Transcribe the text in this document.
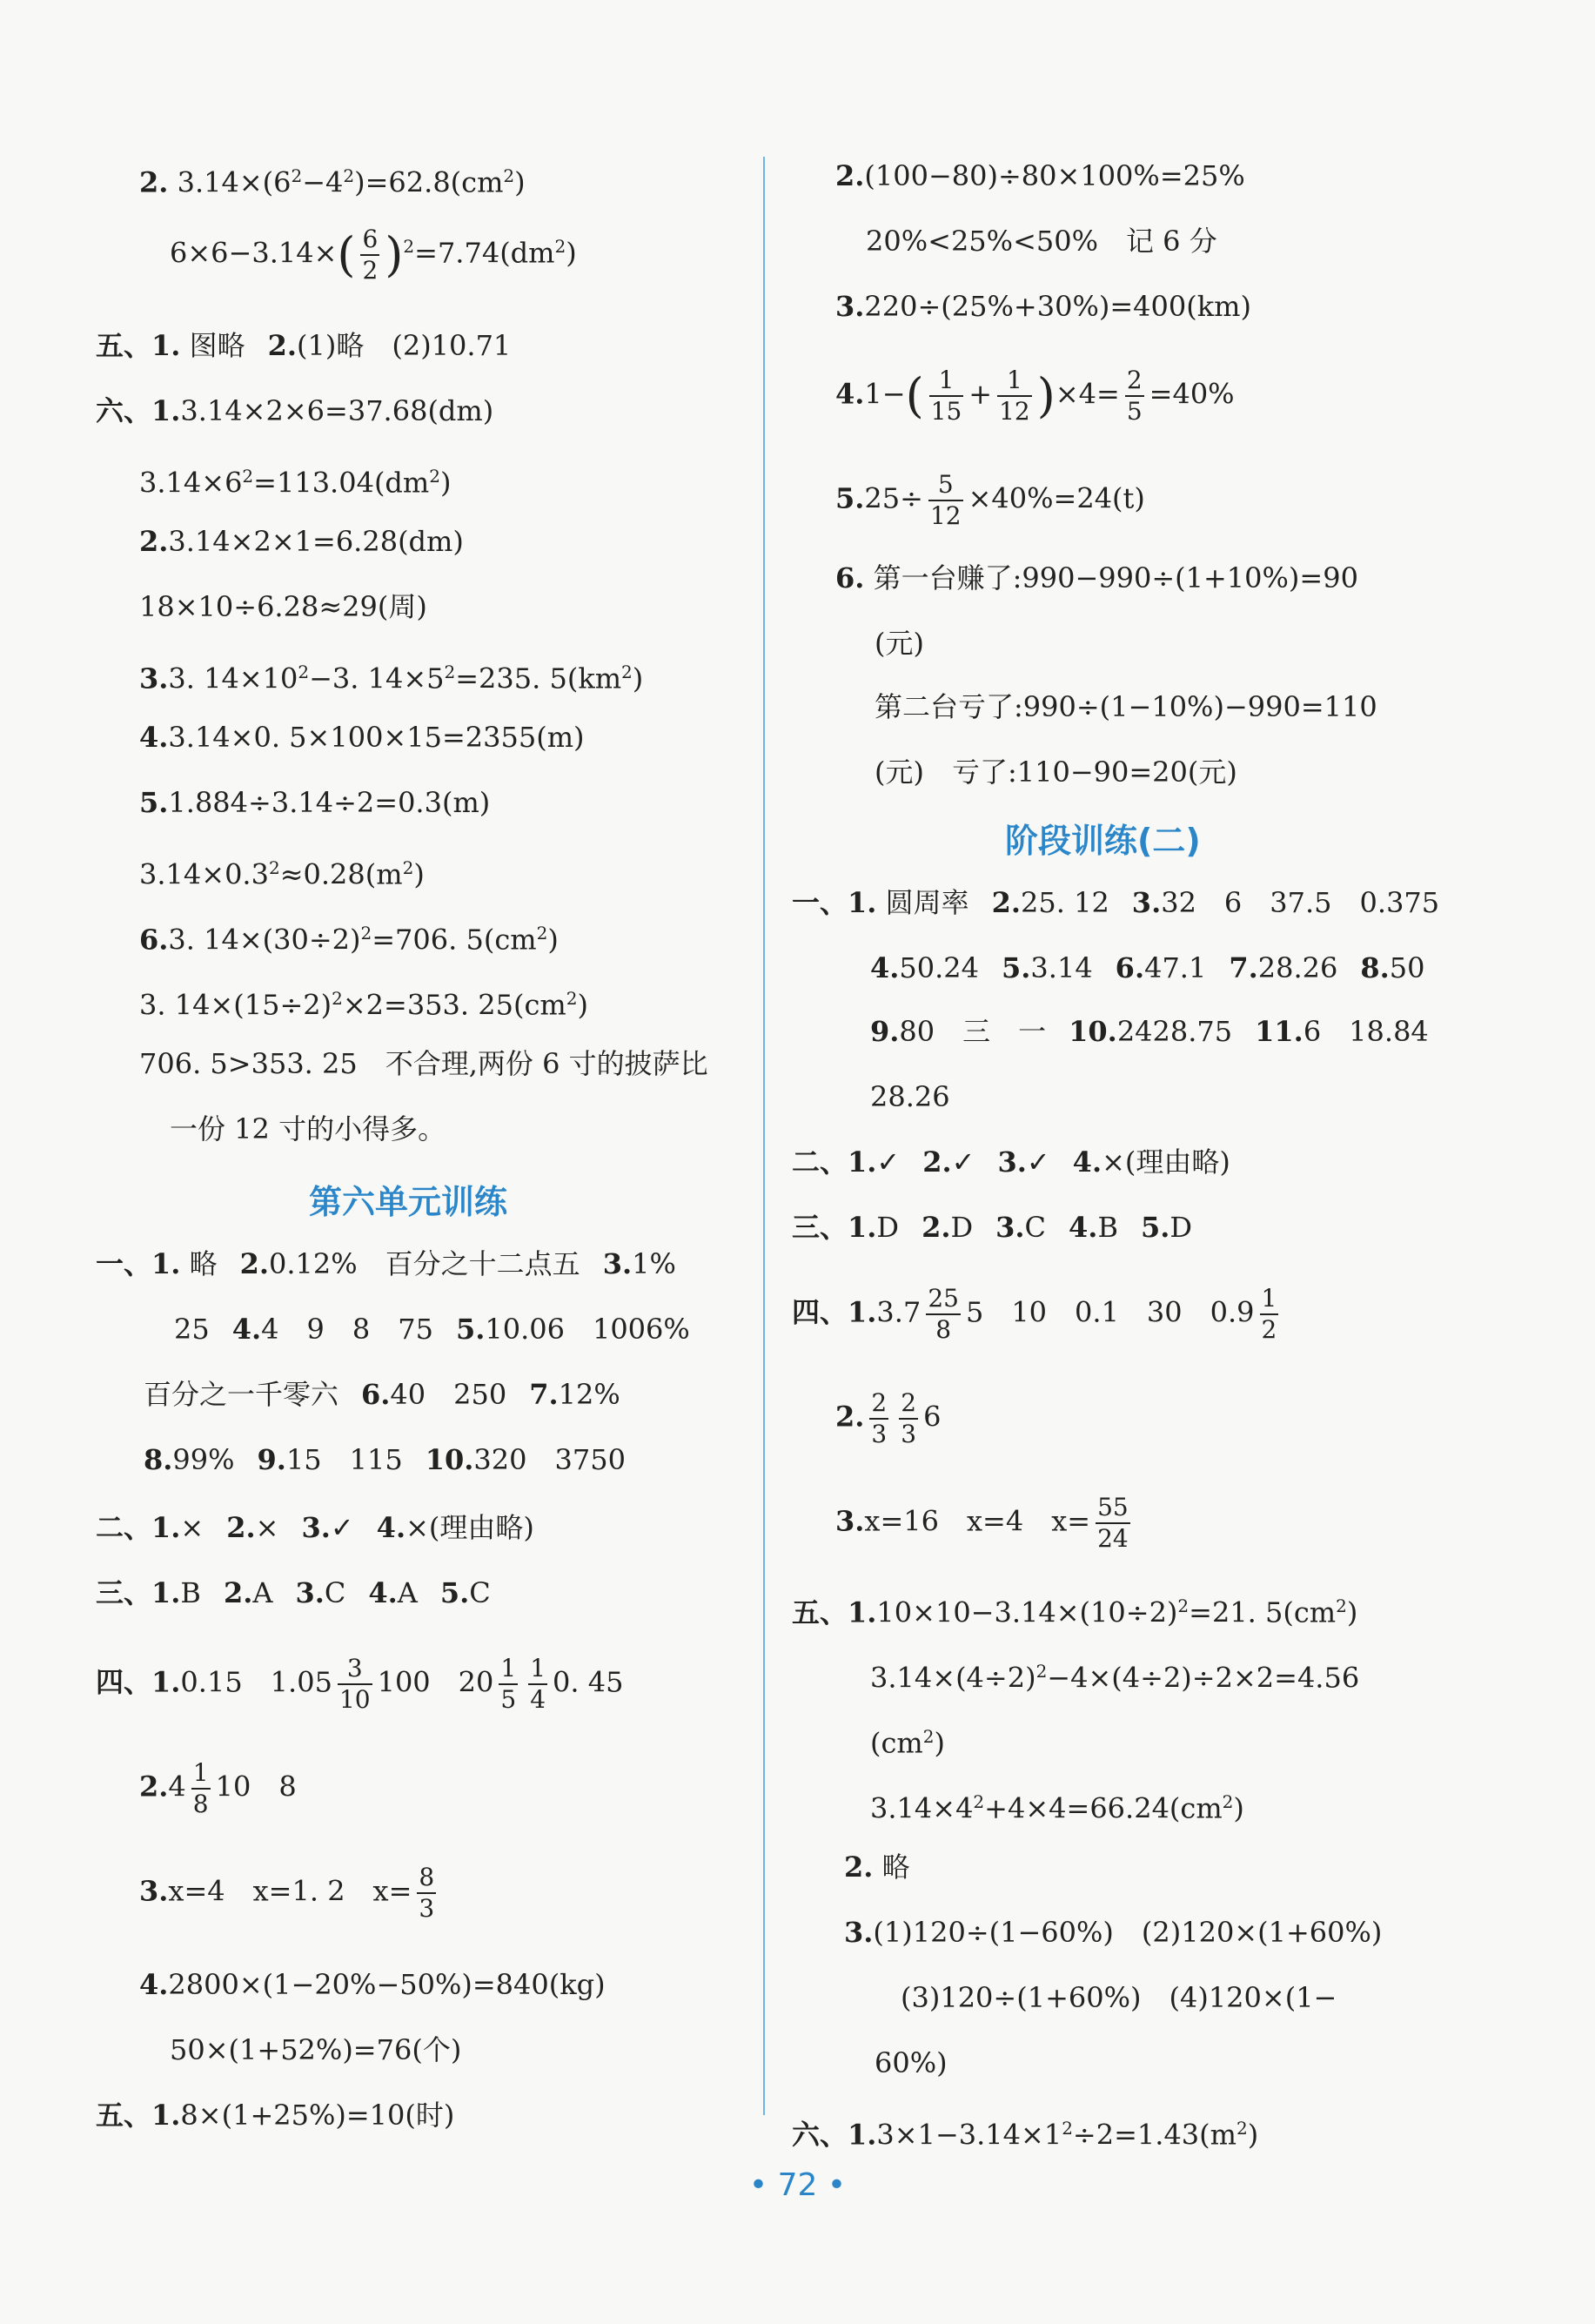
2. $3.14\times(6^2-4^2)=62.8(cm^2)$
$6\times 6-3.14\times( \frac{6}{2} )^2=7.74(dm^2)$
五、1. 图略 2.(1)略　(2)10.71
六、1.3.14×2×6=37.68(dm)
$3.14\times 6^2=113.04(dm^2)$
2.3.14×2×1=6.28(dm)
18×10÷6.28≈29(周)
3.3. $14\times 10^2-3$. $14\times 5^2=235$. $5(km^2)$
4.3.14×0. 5×100×15=2355(m)
5.1.884÷3.14÷2=0.3(m)
$3.14\times 0.3^2\approx 0.28(m^2)$
6.3. $14\times(30\div 2)^2=706$. $5(cm^2)$
3. $14\times(15\div 2)^2\times 2=353$. $25(cm^2)$
706. 5>353. 25　不合理,两份 6 寸的披萨比
一份 12 寸的小得多。
第六单元训练
一、1. 略 2.0.12%　百分之十二点五 3.1%
25 4.4　9　8　75 5.10.06　1006%
百分之一千零六 6.40　250 7.12%
8.99% 9.15　115 10.320　3750
二、1.× 2.× 3.✓ 4.×(理由略)
三、1.B 2.A 3.C 4.A 5.C
四、1.0.15　$1.05 \frac{3}{10} 100$　$20 \frac{1}{5} \frac{1}{4} 0$. 45
$2.4 \frac{1}{8} 10$　8
3.x=4　x=1. 2　$x= \frac{8}{3}$
4.2800×(1−20%−50%)=840(kg)
50×(1+52%)=76(个)
五、1.8×(1+25%)=10(时)
2.(100−80)÷80×100%=25%
20%<25%<50%　记 6 分
3.220÷(25%+30%)=400(km)
$4.1-( \frac{1}{15} + \frac{1}{12} )\times 4= \frac{2}{5} =40\%$
$5.25\div \frac{5}{12} \times 40\%=24(t)$
6. 第一台赚了:990−990÷(1+10%)=90
(元)
第二台亏了:990÷(1−10%)−990=110
(元)　亏了:110−90=20(元)
阶段训练(二)
一、1. 圆周率 2.25. 12 3.32　6　37.5　0.375
4.50.24 5.3.14 6.47.1 7.28.26 8.50
9.80　三　一 10.2428.75 11.6　18.84
28.26
二、1.✓ 2.✓ 3.✓ 4.×(理由略)
三、1.D 2.D 3.C 4.B 5.D
四、$1.3.7 \frac{25}{8} 5$　10　0.1　30　$0.9 \frac{1}{2}$
2. $\frac{2}{3} \frac{2}{3} 6$
3.x=16　x=4　$x= \frac{55}{24}$
五、$1.10\times 10-3.14\times(10\div 2)^2=21$. $5(cm^2)$
$3.14\times(4\div 2)^2-4\times(4\div 2)\div 2\times 2=4.56$
$(cm^2)$
$3.14\times 4^2+4\times 4=66.24(cm^2)$
2. 略
3.(1)120÷(1−60%)　(2)120×(1+60%)
(3)120÷(1+60%)　(4)120×(1−
60%)
六、$1.3\times 1-3.14\times 1^2\div 2=1.43(m^2)$
• 72 •
